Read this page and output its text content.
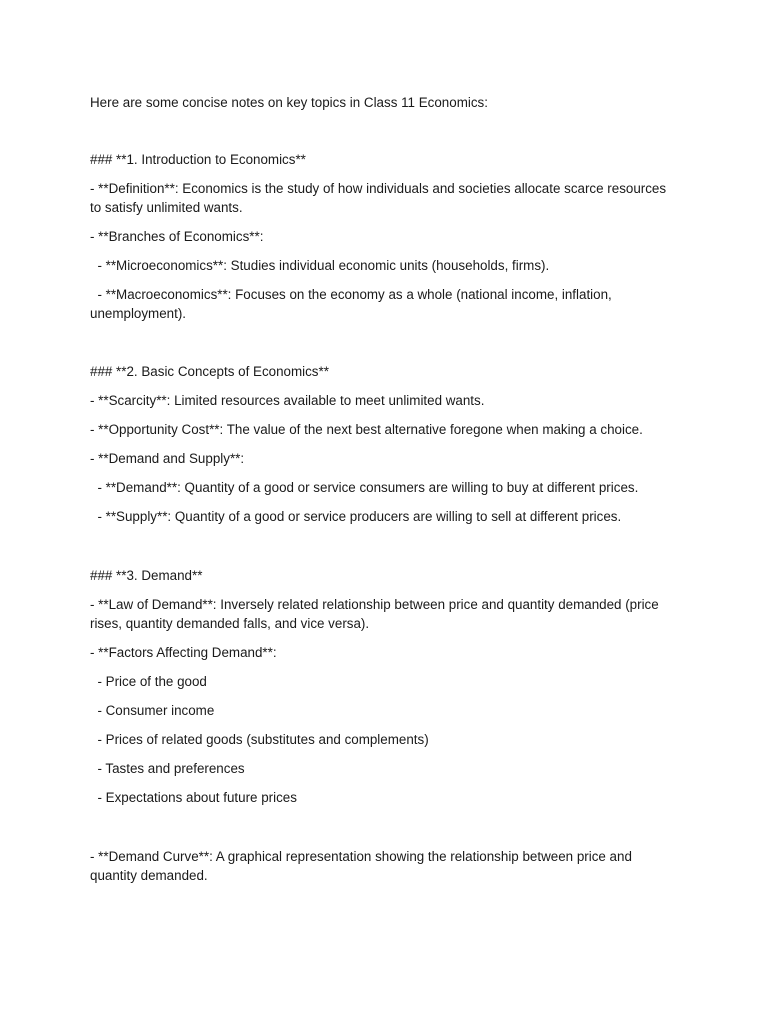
Here are some concise notes on key topics in Class 11 Economics:

### **1. Introduction to Economics**

- **Definition**: Economics is the study of how individuals and societies allocate scarce resources to satisfy unlimited wants.

- **Branches of Economics**:

- **Microeconomics**: Studies individual economic units (households, firms).

- **Macroeconomics**: Focuses on the economy as a whole (national income, inflation, unemployment).

### **2. Basic Concepts of Economics**

- **Scarcity**: Limited resources available to meet unlimited wants.

- **Opportunity Cost**: The value of the next best alternative foregone when making a choice.

- **Demand and Supply**:

- **Demand**: Quantity of a good or service consumers are willing to buy at different prices.

- **Supply**: Quantity of a good or service producers are willing to sell at different prices.

### **3. Demand**

- **Law of Demand**: Inversely related relationship between price and quantity demanded (price rises, quantity demanded falls, and vice versa).

- **Factors Affecting Demand**:

- Price of the good

- Consumer income

- Prices of related goods (substitutes and complements)

- Tastes and preferences

- Expectations about future prices

- **Demand Curve**: A graphical representation showing the relationship between price and quantity demanded.
